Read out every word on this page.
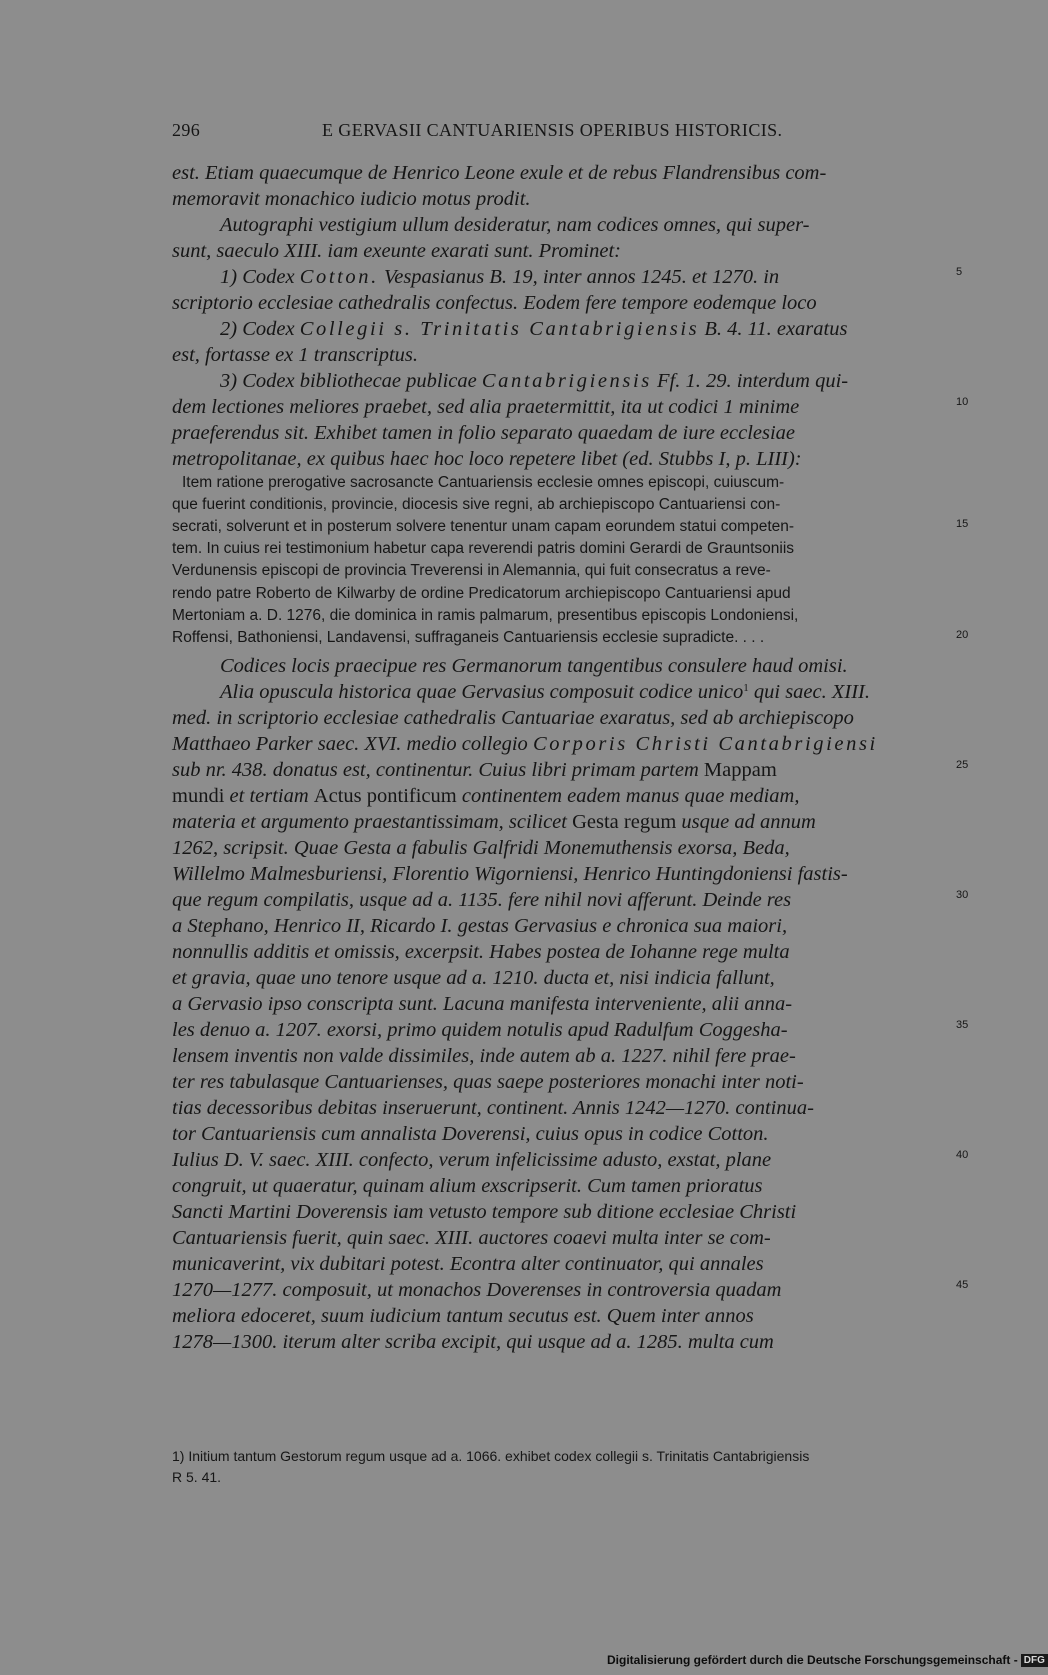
296	E GERVASII CANTUARIENSIS OPERIBUS HISTORICIS.
est. Etiam quaecumque de Henrico Leone exule et de rebus Flandrensibus com-
memoravit monachico iudicio motus prodit.
Autographi vestigium ullum desideratur, nam codices omnes, qui super-
sunt, saeculo XIII. iam exeunte exarati sunt. Prominet:
1) Codex Cotton. Vespasianus B. 19, inter annos 1245. et 1270. in
scriptorio ecclesiae cathedralis confectus. Eodem fere tempore eodemque loco
2) Codex Collegii s. Trinitatis Cantabrigiensis B. 4. 11. exaratus
est, fortasse ex 1 transcriptus.
3) Codex bibliothecae publicae Cantabrigiensis Ff. 1. 29. interdum qui-
dem lectiones meliores praebet, sed alia praetermittit, ita ut codici 1 minime
praeferendus sit. Exhibet tamen in folio separato quaedam de iure ecclesiae
metropolitanae, ex quibus haec hoc loco repetere libet (ed. Stubbs I, p. LIII):
Item ratione prerogative sacrosancte Cantuariensis ecclesie omnes episcopi, cuiuscum-
que fuerint conditionis, provincie, diocesis sive regni, ab archiepiscopo Cantuariensi con-
secrati, solverunt et in posterum solvere tenentur unam capam eorundem statui competen-
tem. In cuius rei testimonium habetur capa reverendi patris domini Gerardi de Grauntsoniis
Verdunensis episcopi de provincia Treverensi in Alemannia, qui fuit consecratus a reve-
rendo patre Roberto de Kilwarby de ordine Predicatorum archiepiscopo Cantuariensi apud
Mertoniam a. D. 1276, die dominica in ramis palmarum, presentibus episcopis Londoniensi,
Roffensi, Bathoniensi, Landavensi, suffraganeis Cantuariensis ecclesie supradicte. . . .
Codices locis praecipue res Germanorum tangentibus consulere haud omisi.
Alia opuscula historica quae Gervasius composuit codice unico$^1$ qui saec. XIII.
med. in scriptorio ecclesiae cathedralis Cantuariae exaratus, sed ab archiepiscopo
Matthaeo Parker saec. XVI. medio collegio Corporis Christi Cantabrigiensi
sub nr. 438. donatus est, continentur. Cuius libri primam partem Mappam
mundi et tertiam Actus pontificum continentem eadem manus quae mediam,
materia et argumento praestantissimam, scilicet Gesta regum usque ad annum
1262, scripsit. Quae Gesta a fabulis Galfridi Monemuthensis exorsa, Beda,
Willelmo Malmesburiensi, Florentio Wigorniensi, Henrico Huntingdoniensi fastis-
que regum compilatis, usque ad a. 1135. fere nihil novi afferunt. Deinde res
a Stephano, Henrico II, Ricardo I. gestas Gervasius e chronica sua maiori,
nonnullis additis et omissis, excerpsit. Habes postea de Iohanne rege multa
et gravia, quae uno tenore usque ad a. 1210. ducta et, nisi indicia fallunt,
a Gervasio ipso conscripta sunt. Lacuna manifesta interveniente, alii anna-
les denuo a. 1207. exorsi, primo quidem notulis apud Radulfum Coggesha-
lensem inventis non valde dissimiles, inde autem ab a. 1227. nihil fere prae-
ter res tabulasque Cantuarienses, quas saepe posteriores monachi inter noti-
tias decessoribus debitas inseruerunt, continent. Annis 1242—1270. continua-
tor Cantuariensis cum annalista Doverensi, cuius opus in codice Cotton.
Iulius D. V. saec. XIII. confecto, verum infelicissime adusto, exstat, plane
congruit, ut quaeratur, quinam alium exscripserit. Cum tamen prioratus
Sancti Martini Doverensis iam vetusto tempore sub ditione ecclesiae Christi
Cantuariensis fuerit, quin saec. XIII. auctores coaevi multa inter se com-
municaverint, vix dubitari potest. Econtra alter continuator, qui annales
1270—1277. composuit, ut monachos Doverenses in controversia quadam
meliora edoceret, suum iudicium tantum secutus est. Quem inter annos
1278—1300. iterum alter scriba excipit, qui usque ad a. 1285. multa cum
5
10
15
20
25
30
35
40
45
1) Initium tantum Gestorum regum usque ad a. 1066. exhibet codex collegii s. Trinitatis Cantabrigiensis
R 5. 41.
Digitalisierung gefördert durch die Deutsche Forschungsgemeinschaft - DFG
